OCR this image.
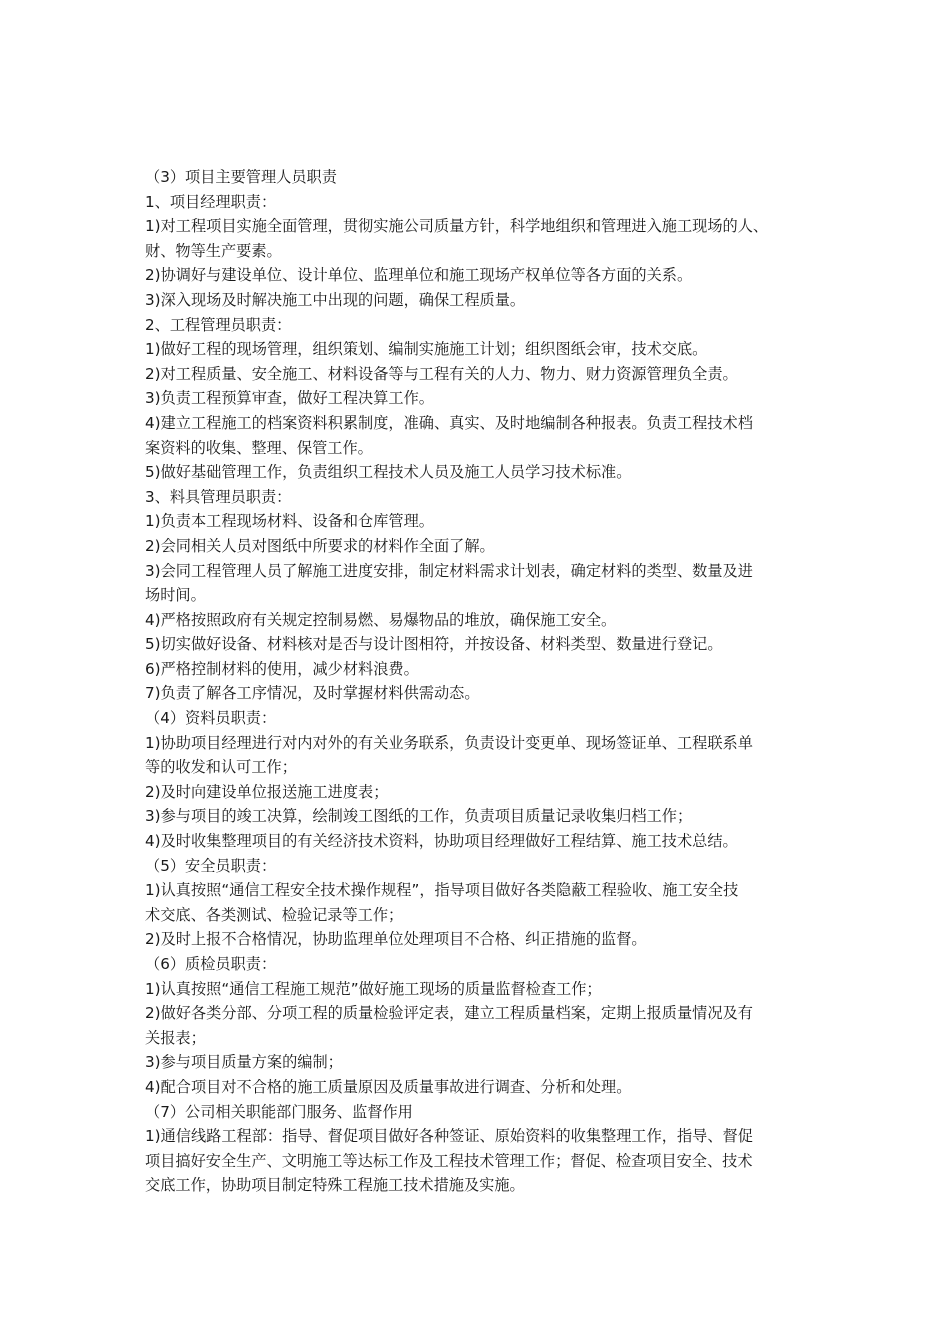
（3）项目主要管理人员职责
1、项目经理职责：
1)对工程项目实施全面管理，贯彻实施公司质量方针，科学地组织和管理进入施工现场的人、
财、物等生产要素。
2)协调好与建设单位、设计单位、监理单位和施工现场产权单位等各方面的关系。
3)深入现场及时解决施工中出现的问题，确保工程质量。
2、工程管理员职责：
1)做好工程的现场管理，组织策划、编制实施施工计划；组织图纸会审，技术交底。
2)对工程质量、安全施工、材料设备等与工程有关的人力、物力、财力资源管理负全责。
3)负责工程预算审查，做好工程决算工作。
4)建立工程施工的档案资料积累制度，准确、真实、及时地编制各种报表。负责工程技术档
案资料的收集、整理、保管工作。
5)做好基础管理工作，负责组织工程技术人员及施工人员学习技术标准。
3、料具管理员职责：
1)负责本工程现场材料、设备和仓库管理。
2)会同相关人员对图纸中所要求的材料作全面了解。
3)会同工程管理人员了解施工进度安排，制定材料需求计划表，确定材料的类型、数量及进
场时间。
4)严格按照政府有关规定控制易燃、易爆物品的堆放，确保施工安全。
5)切实做好设备、材料核对是否与设计图相符，并按设备、材料类型、数量进行登记。
6)严格控制材料的使用，减少材料浪费。
7)负责了解各工序情况，及时掌握材料供需动态。
（4）资料员职责：
1)协助项目经理进行对内对外的有关业务联系，负责设计变更单、现场签证单、工程联系单
等的收发和认可工作；
2)及时向建设单位报送施工进度表；
3)参与项目的竣工决算，绘制竣工图纸的工作，负责项目质量记录收集归档工作；
4)及时收集整理项目的有关经济技术资料，协助项目经理做好工程结算、施工技术总结。
（5）安全员职责：
1)认真按照“通信工程安全技术操作规程”，指导项目做好各类隐蔽工程验收、施工安全技
术交底、各类测试、检验记录等工作；
2)及时上报不合格情况，协助监理单位处理项目不合格、纠正措施的监督。
（6）质检员职责：
1)认真按照“通信工程施工规范”做好施工现场的质量监督检查工作；
2)做好各类分部、分项工程的质量检验评定表，建立工程质量档案，定期上报质量情况及有
关报表；
3)参与项目质量方案的编制；
4)配合项目对不合格的施工质量原因及质量事故进行调查、分析和处理。
（7）公司相关职能部门服务、监督作用
1)通信线路工程部：指导、督促项目做好各种签证、原始资料的收集整理工作，指导、督促
项目搞好安全生产、文明施工等达标工作及工程技术管理工作；督促、检查项目安全、技术
交底工作，协助项目制定特殊工程施工技术措施及实施。
